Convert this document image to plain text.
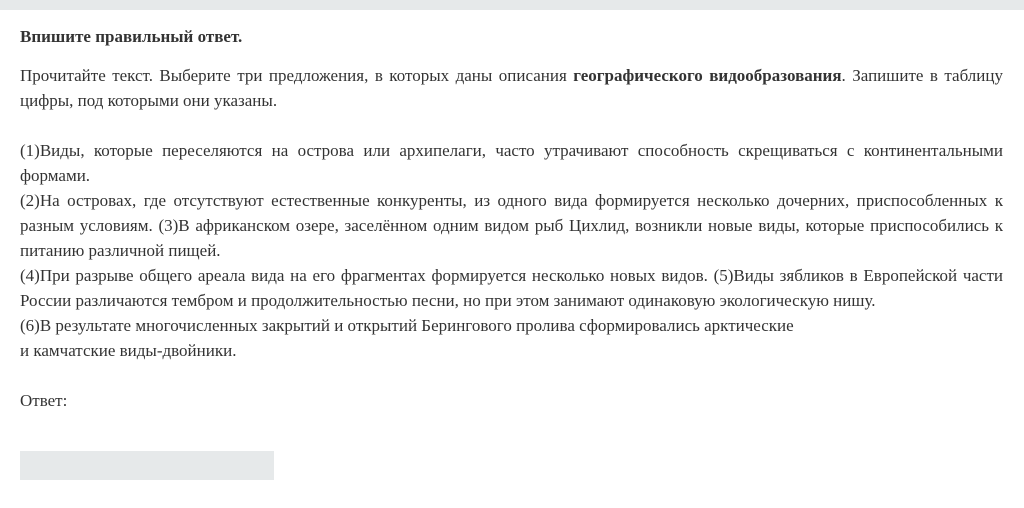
Впишите правильный ответ.

Прочитайте текст. Выберите три предложения, в которых даны описания географического видообразования. Запишите в таблицу цифры, под которыми они указаны.

(1)Виды, которые переселяются на острова или архипелаги, часто утрачивают способность скрещиваться с континентальными формами.

(2)На островах, где отсутствуют естественные конкуренты, из одного вида формируется несколько дочерних, приспособленных к разным условиям. (3)В африканском озере, заселённом одним видом рыб Цихлид, возникли новые виды, которые приспособились к питанию различной пищей.

(4)При разрыве общего ареала вида на его фрагментах формируется несколько новых видов. (5)Виды зябликов в Европейской части России различаются тембром и продолжительностью песни, но при этом занимают одинаковую экологическую нишу.

(6)В результате многочисленных закрытий и открытий Берингового пролива сформировались арктические

и камчатские виды-двойники.

Ответ:
